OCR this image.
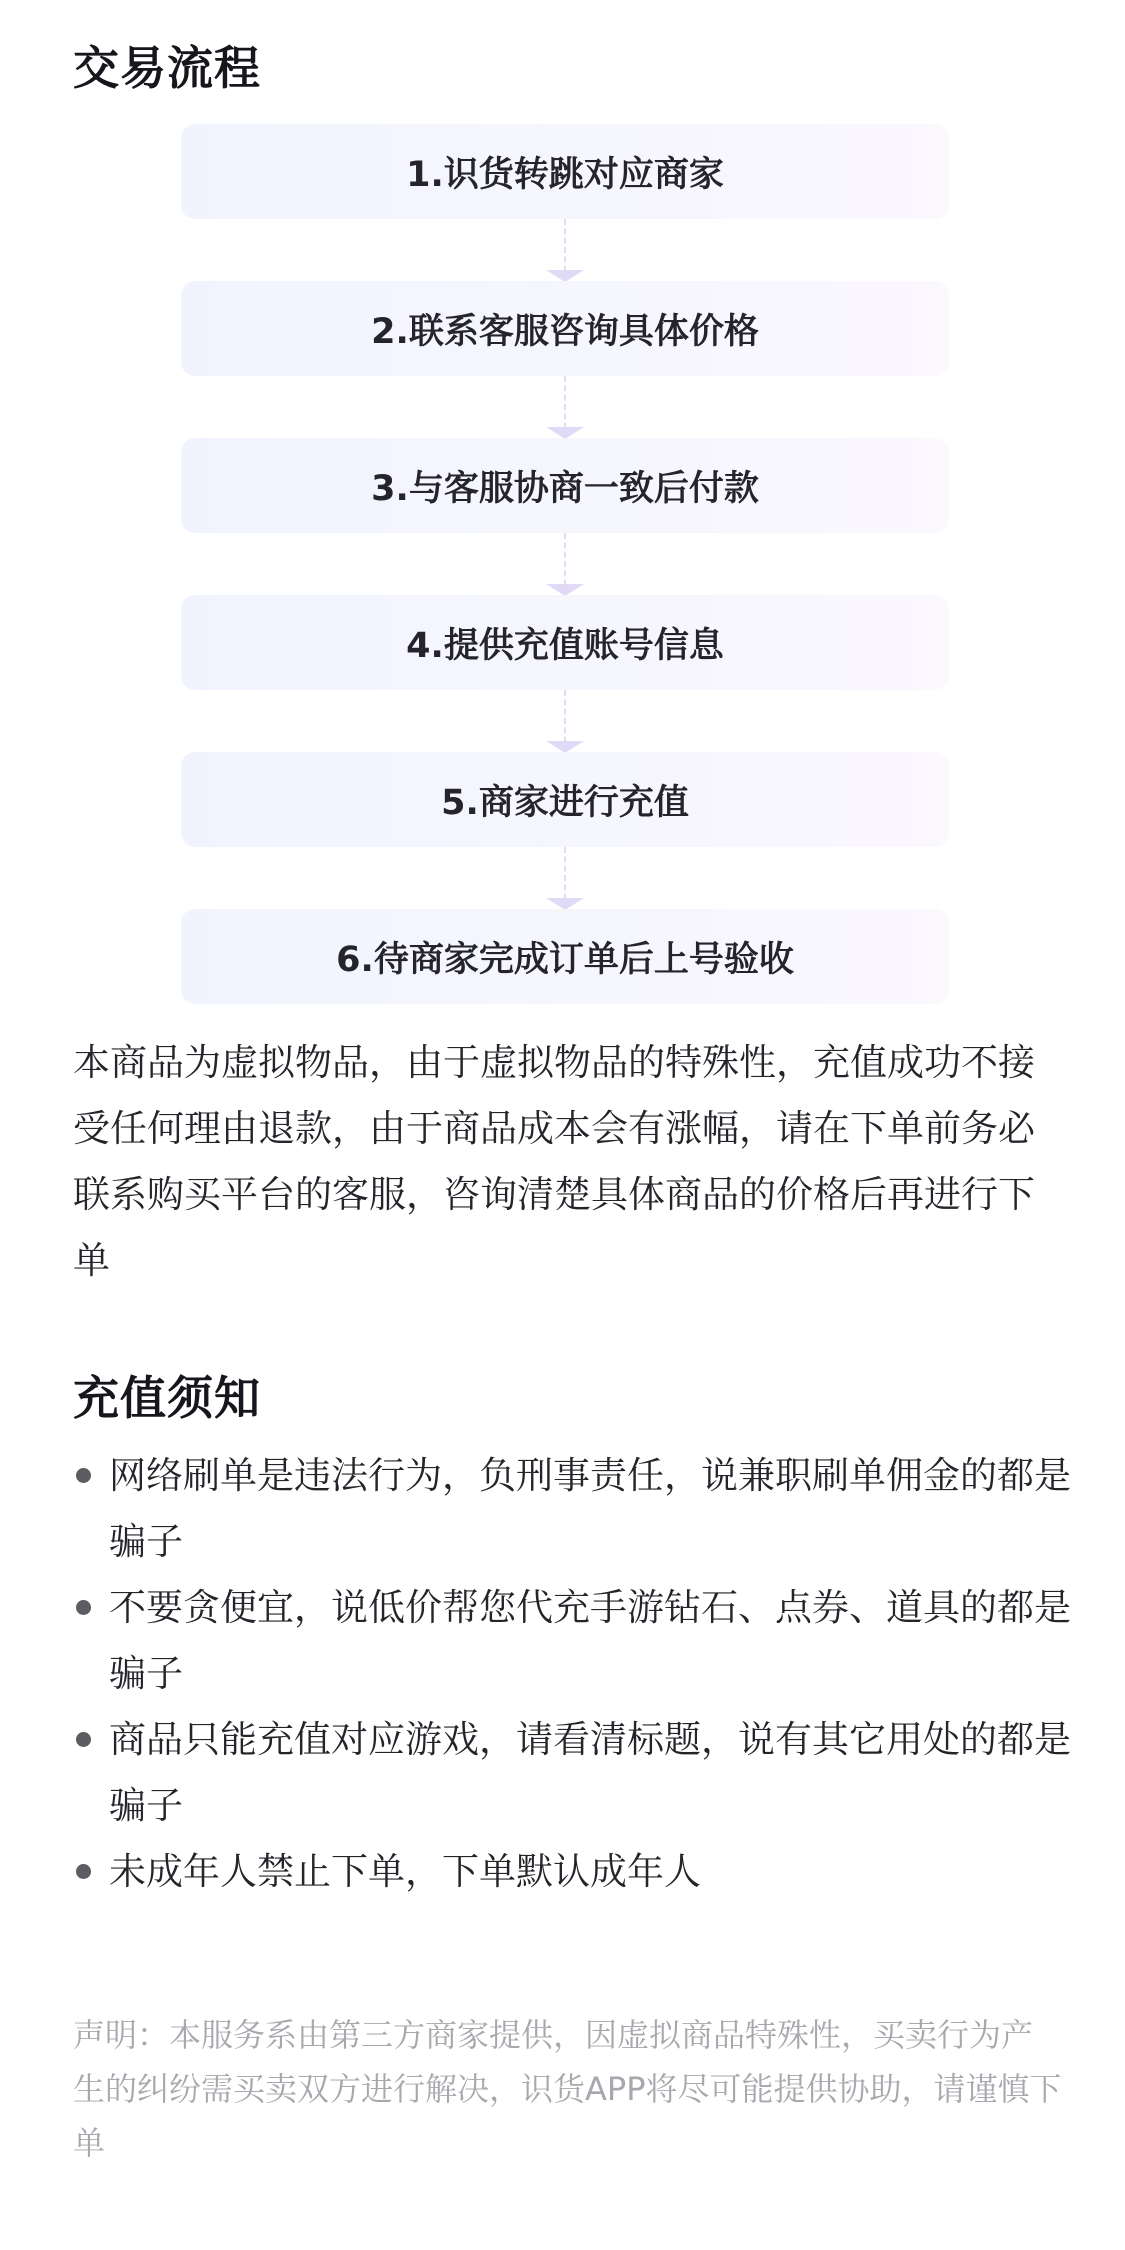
交易流程
1.识货转跳对应商家
2.联系客服咨询具体价格
3.与客服协商一致后付款
4.提供充值账号信息
5.商家进行充值
6.待商家完成订单后上号验收

本商品为虚拟物品，由于虚拟物品的特殊性，充值成功不接受任何理由退款，由于商品成本会有涨幅，请在下单前务必联系购买平台的客服，咨询清楚具体商品的价格后再进行下单

充值须知
网络刷单是违法行为，负刑事责任，说兼职刷单佣金的都是骗子
不要贪便宜，说低价帮您代充手游钻石、点券、道具的都是骗子
商品只能充值对应游戏，请看清标题，说有其它用处的都是骗子
未成年人禁止下单，下单默认成年人

声明：本服务系由第三方商家提供，因虚拟商品特殊性，买卖行为产生的纠纷需买卖双方进行解决，识货APP将尽可能提供协助，请谨慎下单
